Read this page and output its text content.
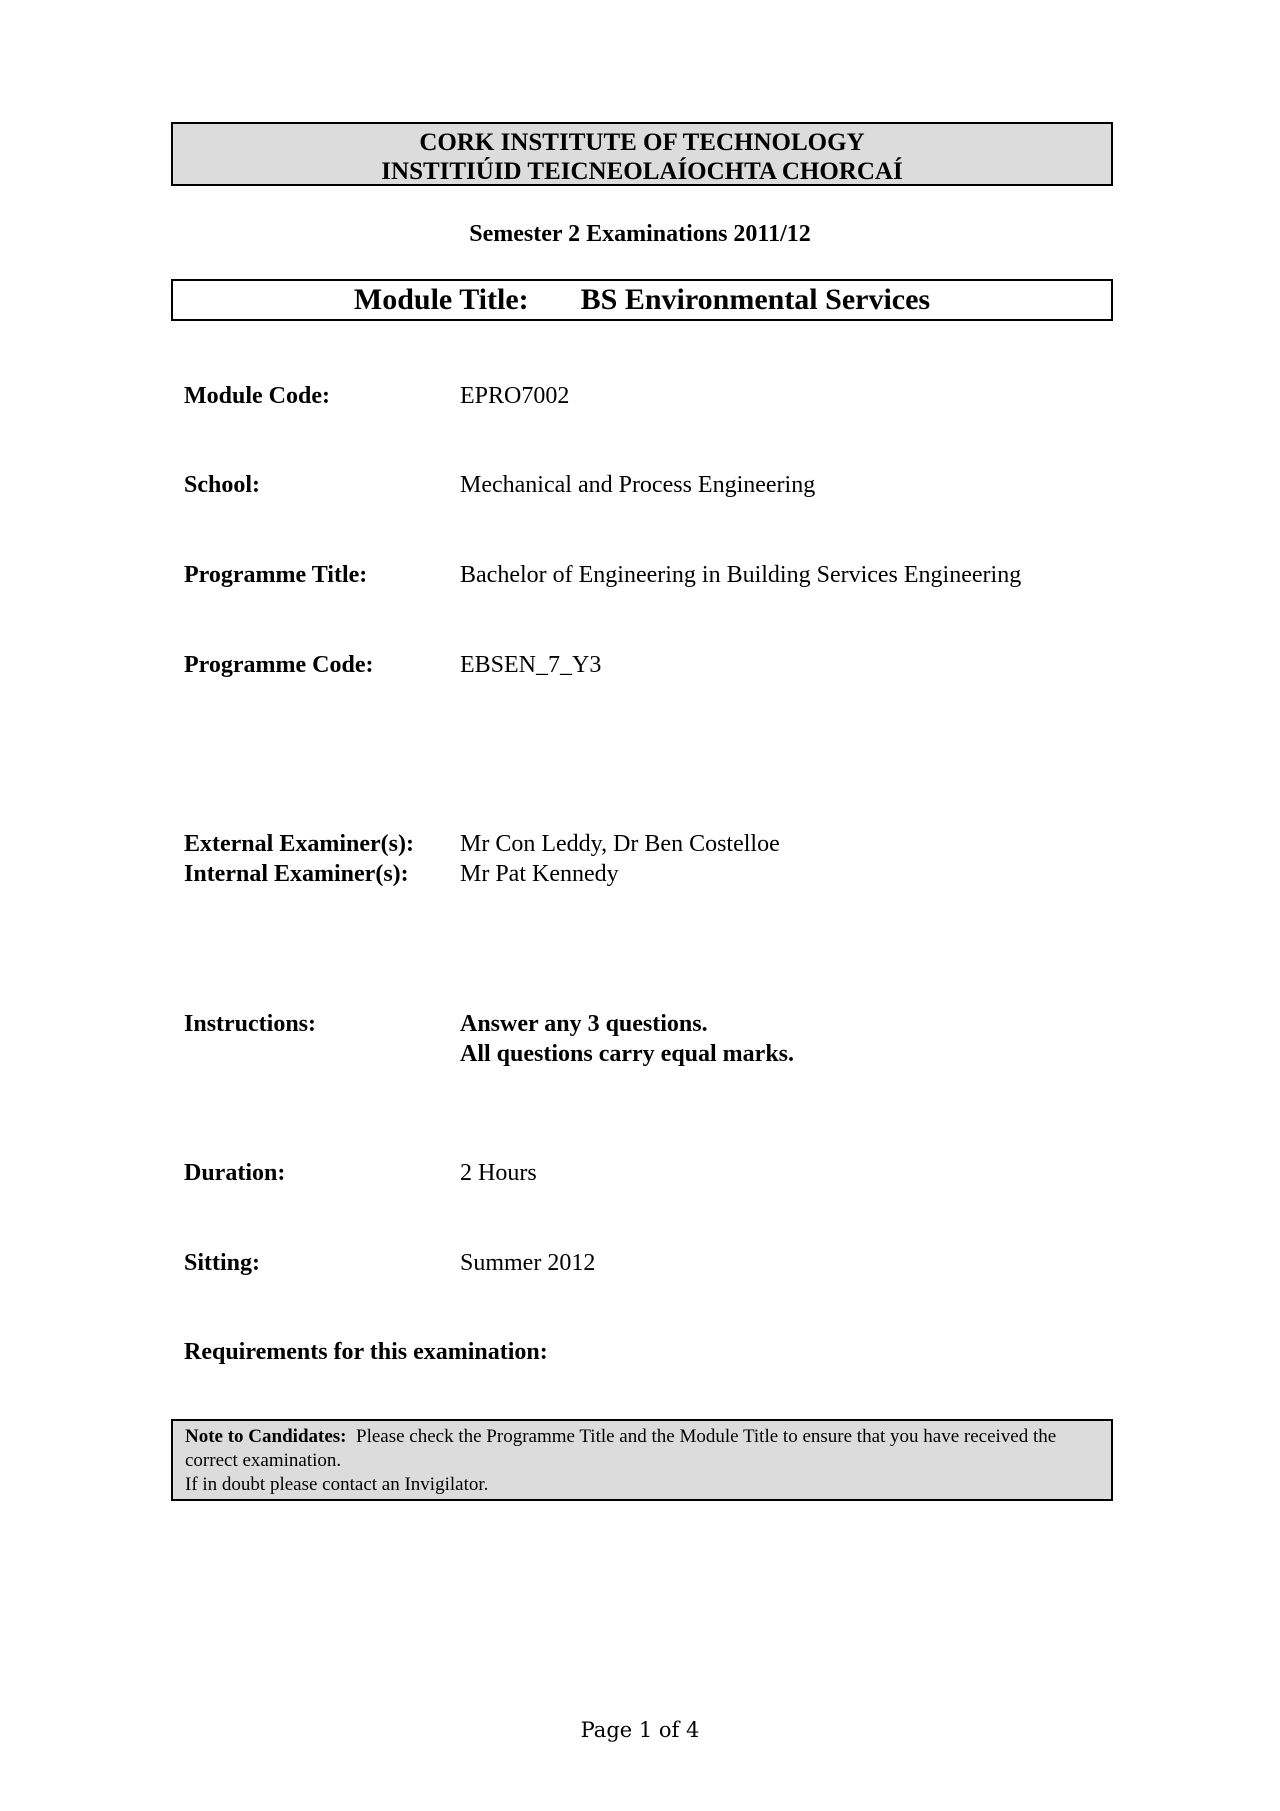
CORK INSTITUTE OF TECHNOLOGY
INSTITIÚID TEICNEOLAÍOCHTA CHORCAÍ
Semester 2 Examinations 2011/12
Module Title: BS Environmental Services
Module Code:	EPRO7002
School:	Mechanical and Process Engineering
Programme Title:	Bachelor of Engineering in Building Services Engineering
Programme Code:	EBSEN_7_Y3
External Examiner(s):	Mr Con Leddy, Dr Ben Costelloe
Internal Examiner(s):	Mr Pat Kennedy
Instructions:	Answer any 3 questions.
All questions carry equal marks.
Duration:	2 Hours
Sitting:	Summer 2012
Requirements for this examination:
Note to Candidates: Please check the Programme Title and the Module Title to ensure that you have received the correct examination.
If in doubt please contact an Invigilator.
Page 1 of 4
